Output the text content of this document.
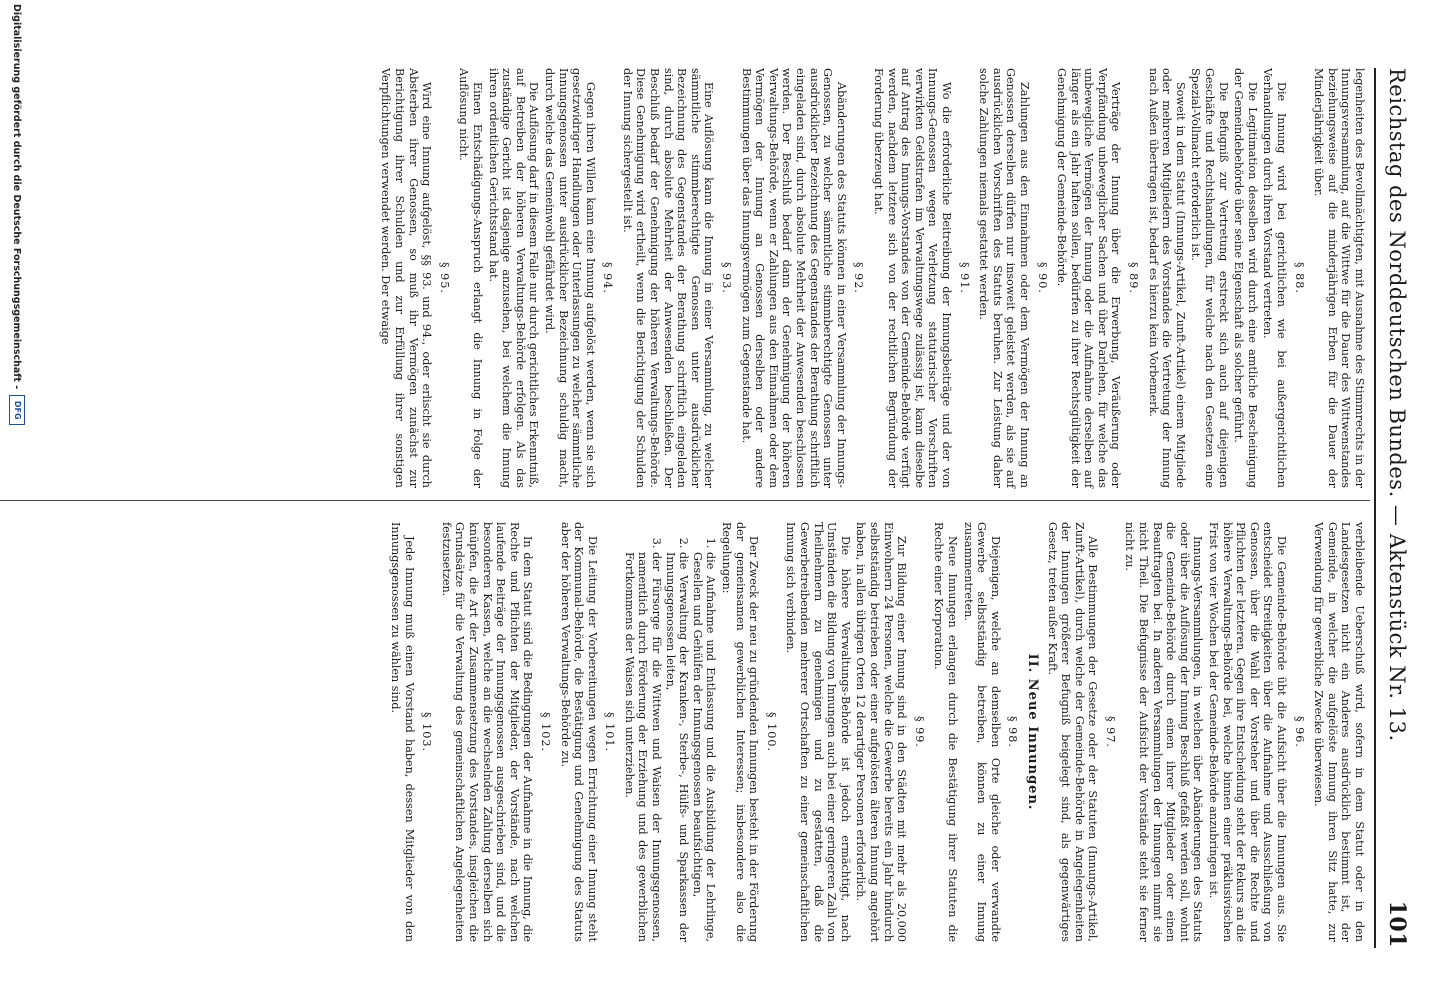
Reichstag des Norddeutschen Bundes. — Aktenstück Nr. 13.
101

legenheiten des Bevollmächtigten, mit Ausnahme des Stimmrechts in der Innungsversammlung, auf die Wittwe für die Dauer des Wittwenstandes beziehungsweise auf die minderjährigen Erben für die Dauer der Minderjährigkeit über.

§ 88.

Die Innung wird bei gerichtlichen wie bei außergerichtlichen Verhandlungen durch ihren Vorstand vertreten.

Die Legitimation desselben wird durch eine amtliche Bescheinigung der Gemeindebehörde über seine Eigenschaft als solcher geführt.

Die Befugniß zur Vertretung erstreckt sich auch auf diejenigen Geschäfte und Rechtshandlungen, für welche nach den Gesetzen eine Spezial-Vollmacht erforderlich ist.

Soweit in dem Statut (Innungs-Artikel, Zunft-Artikel) einem Mitgliede oder mehreren Mitgliedern des Vorstandes die Vertretung der Innung nach Außen übertragen ist, bedarf es hierzu kein Vorbemerk.

§ 89.

Verträge der Innung über die Erwerbung, Veräußerung oder Verpfändung unbeweglicher Sachen und über Darlehen, für welche das unbewegliche Vermögen der Innung oder die Aufnahme derselben auf länger als ein Jahr haften sollen, bedürfen zu ihrer Rechtsgültigkeit der Genehmigung der Gemeinde-Behörde.

§ 90.

Zahlungen aus den Einnahmen oder dem Vermögen der Innung an Genossen derselben dürfen nur insoweit geleistet werden, als sie auf ausdrücklichen Vorschriften des Statuts beruhen. Zur Leistung daher solche Zahlungen niemals gestattet werden.

§ 91.

Wo die erforderliche Beitreibung der Innungsbeiträge und der von Innungs-Genossen wegen Verletzung statutarischer Vorschriften verwirkten Geldstrafen im Verwaltungswege zulässig ist, kann dieselbe auf Antrag des Innungs-Vorstandes von der Gemeinde-Behörde verfügt werden, nachdem letztere sich von der rechtlichen Begründung der Forderung überzeugt hat.

§ 92.

Abänderungen des Statuts können in einer Versammlung der Innungs-Genossen, zu welcher sämmtliche stimmberechtigte Genossen unter ausdrücklicher Bezeichnung des Gegenstandes der Berathung schriftlich eingeladen sind, durch absolute Mehrheit der Anwesenden beschlossen werden. Der Beschluß bedarf dann der Genehmigung der höheren Verwaltungs-Behörde, wenn er Zahlungen aus den Einnahmen oder dem Vermögen der Innung an Genossen derselben oder andere Bestimmungen über das Innungsvermögen zum Gegenstande hat.

§ 93.

Eine Auflösung kann die Innung in einer Versammlung, zu welcher sämmtliche stimmberechtigte Genossen unter ausdrücklicher Bezeichnung des Gegenstandes der Berathung schriftlich eingeladen sind, durch absolute Mehrheit der Anwesenden beschließen. Der Beschluß bedarf der Genehmigung der höheren Verwaltungs-Behörde. Diese Genehmigung wird ertheilt, wenn die Berichtigung der Schulden der Innung sichergestellt ist.

§ 94.

Gegen ihren Willen kann eine Innung aufgelöst werden, wenn sie sich gesetzwidriger Handlungen oder Unterlassungen zu welcher sämmtliche Innungsgenossen unter ausdrücklicher Bezeichnung schuldig macht, durch welche das Gemeinwohl gefährdet wird.

Die Auflösung darf in diesem Falle nur durch gerichtliches Erkenntniß, auf Betreiben der höheren Verwaltungs-Behörde erfolgen. Als das zuständige Gericht ist dasjenige anzusehen, bei welchem die Innung ihren ordentlichen Gerichtsstand hat.

Einen Entschädigungs-Anspruch erlangt die Innung in Folge der Auflösung nicht.

§ 95.

Wird eine Innung aufgelöst, §§ 93. und 94., oder erlischt sie durch Absterben ihrer Genossen, so muß ihr Vermögen zunächst zur Berichtigung ihrer Schulden und zur Erfüllung ihrer sonstigen Verpflichtungen verwendet werden. Der etwaige

verbleibende Ueberschuß wird, sofern in dem Statut oder in den Landesgesetzen nicht ein Anderes ausdrücklich bestimmt ist, der Gemeinde, in welcher die aufgelöste Innung ihren Sitz hatte, zur Verwendung für gewerbliche Zwecke überwiesen.

§ 96.

Die Gemeinde-Behörde übt die Aufsicht über die Innungen aus. Sie entscheidet Streitigkeiten über die Aufnahme und Ausschließung von Genossen, über die Wahl der Vorsteher und über die Rechte und Pflichten der letzteren. Gegen ihre Entscheidung steht der Rekurs an die höhere Verwaltungs-Behörde bei, welche binnen einer präklusivischen Frist von vier Wochen bei der Gemeinde-Behörde anzubringen ist.

Innungs-Versammlungen, in welchen über Abänderungen des Statuts oder über die Auflösung der Innung Beschluß gefaßt werden soll, wohnt die Gemeinde-Behörde durch einen ihrer Mitglieder oder einen Beauftragten bei. In anderen Versammlungen der Innungen nimmt sie nicht Theil. Die Befugnisse der Aufsicht der Vorstände steht sie ferner nicht zu.

§ 97.

Alle Bestimmungen der Gesetze oder der Statuten (Innungs-Artikel, Zunft-Artikel), durch welche der Gemeinde-Behörde in Angelegenheiten der Innungen größerer Befugniß beigelegt sind, als gegenwärtiges Gesetz, treten außer Kraft.

II. Neue Innungen.

§ 98.

Diejenigen, welche an demselben Orte gleiche oder verwandte Gewerbe selbstständig betreiben, können zu einer Innung zusammentreten.

Neue Innungen erlangen durch die Bestätigung ihrer Statuten die Rechte einer Korporation.

§ 99.

Zur Bildung einer Innung sind in den Städten mit mehr als 20,000 Einwohnern 24 Personen, welche die Gewerbe bereits ein Jahr hindurch selbstständig betrieben oder einer aufgelösten älteren Innung angehört haben, in allen übrigen Orten 12 derartiger Personen erforderlich.

Die höhere Verwaltungs-Behörde ist jedoch ermächtigt, nach Umständen die Bildung von Innungen auch bei einer geringeren Zahl von Theilnehmern zu genehmigen und zu gestatten, daß die Gewerbetreibenden mehrerer Ortschaften zu einer gemeinschaftlichen Innung sich verbinden.

§ 100.

Der Zweck der neu zu gründenden Innungen besteht in der Förderung der gemeinsamen gewerblichen Interessen; insbesondere also die Regelungen:

1. die Aufnahme und Entlassung und die Ausbildung der Lehrlinge, Gesellen und Gehülfen der Innungsgenossen beaufsichtigen,
2. die Verwaltung der Kranken-, Sterbe-, Hülfs- und Sparkassen der Innungsgenossen leiten,
3. der Fürsorge für die Wittwen und Waisen der Innungsgenossen, namentlich durch Förderung der Erziehung und des gewerblichen Fortkommens der Waisen sich unterziehen.

§ 101.

Die Leitung der Vorbereitungen wegen Errichtung einer Innung steht der Kommunal-Behörde, die Bestätigung und Genehmigung des Statuts aber der höheren Verwaltungs-Behörde zu.

§ 102.

In dem Statut sind die Bedingungen der Aufnahme in die Innung, die Rechte und Pflichten der Mitglieder, der Vorstände, nach welchen laufende Beiträge der Innungsgenossen ausgeschrieben sind, und die besonderen Kassen, welche an die wechselnden Zahlung derselben sich knüpfen, die Art der Zusammensetzung des Vorstandes, insgleichen die Grundsätze für die Verwaltung des gemeinschaftlichen Angelegenheiten festzusetzen.

§ 103.

Jede Innung muß einen Vorstand haben, dessen Mitglieder von den Innungsgenossen zu wählen sind.

Digitalisierung gefördert durch die Deutsche Forschungsgemeinschaft -
DFG
